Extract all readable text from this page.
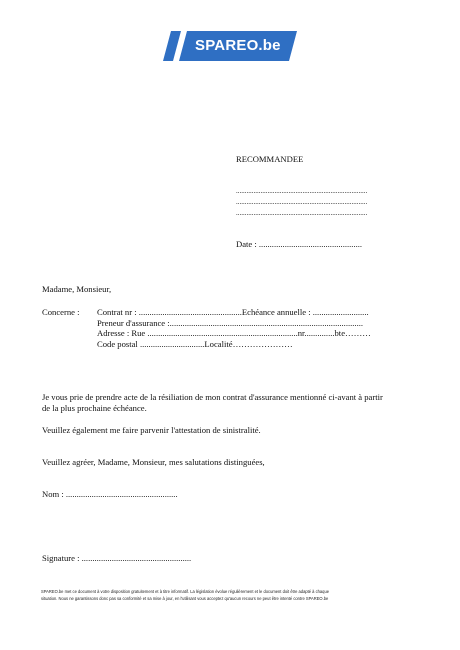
SPAREO.be
RECOMMANDEE
...........................................................................
...........................................................................
...........................................................................
Date : ................................................
Madame, Monsieur,
Concerne : Contrat nr : ................................................Echéance annuelle : ..........................
Preneur d'assurance :..........................................................................................
Adresse : Rue ......................................................................nr..............bte………
Code postal ..............................Localité…………………
Je vous prie de prendre acte de la résiliation de mon contrat d'assurance mentionné ci-avant à partir
de la plus prochaine échéance.
Veuillez également me faire parvenir l'attestation de sinistralité.
Veuillez agréer, Madame, Monsieur, mes salutations distinguées,
Nom : ....................................................
Signature : ...................................................
SPAREO.be met ce document à votre disposition gratuitement et à titre informatif. La législation évolue régulièrement et le document doit être adapté à chaque
situation. Nous ne garantissons donc pas sa conformité et sa mise à jour, en l'utilisant vous acceptez qu'aucun recours ne peut être intenté contre SPAREO.be
